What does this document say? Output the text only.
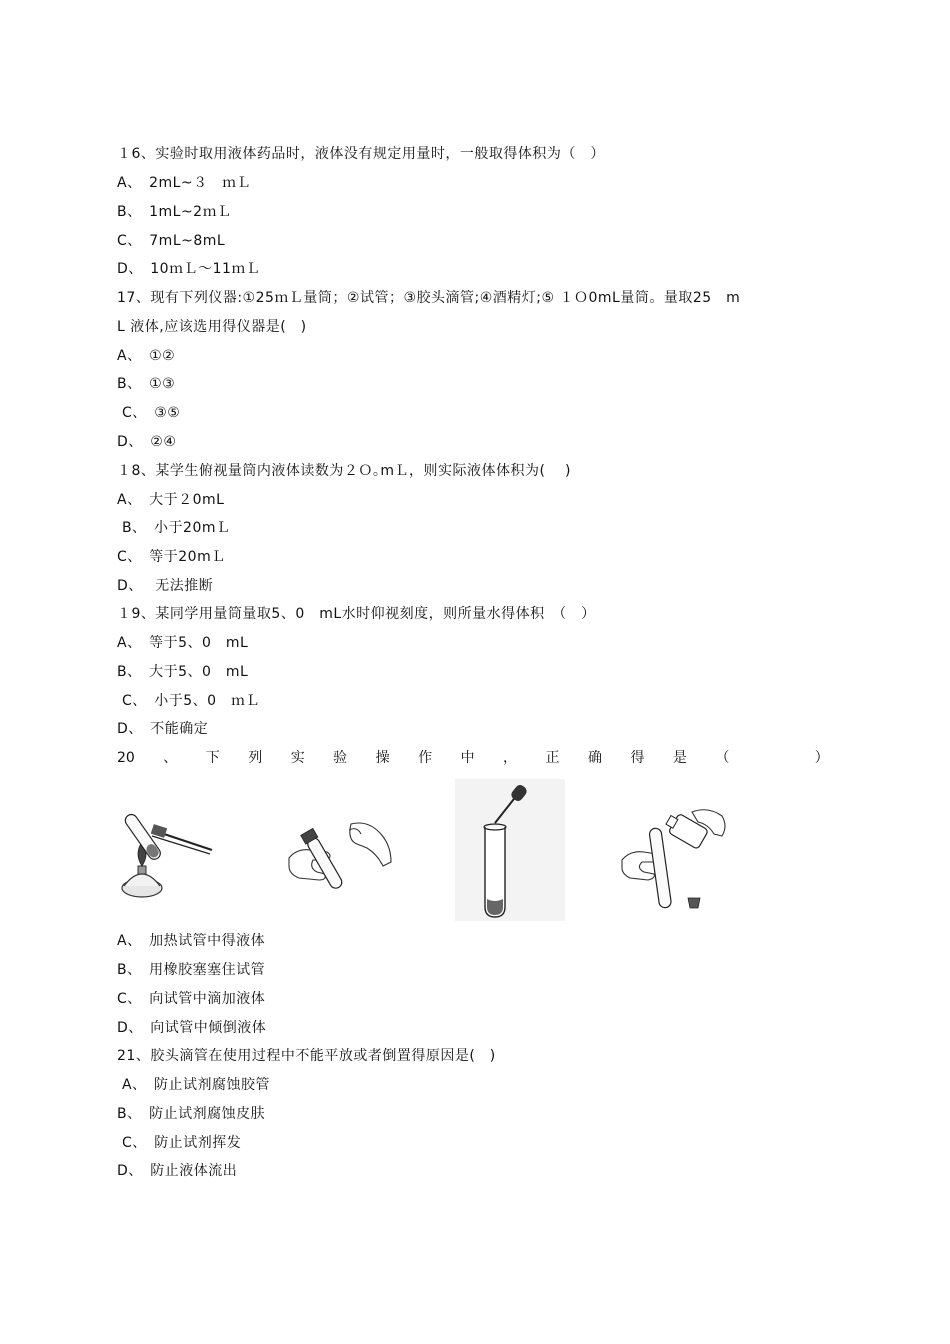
１6、实验时取用液体药品时，液体没有规定用量时，一般取得体积为（　）
A、　2mL~３　ｍＬ
B、　1mL~2ｍＬ
C、　7mL~8mL
D、　10ｍＬ～11ｍＬ
17、现有下列仪器:①25ｍＬ量筒；②试管；③胶头滴管;④酒精灯;⑤ １Ｏ0mL量筒。量取25　m
L 液体,应该选用得仪器是(　)
A、　①②
B、　①③
C、　③⑤
D、　②④
１8、某学生俯视量筒内液体读数为２Ｏ｡mＬ，则实际液体体积为(　 )
A、　大于２0mL
B、　小于20mＬ
C、　等于20mＬ
D、　 无法推断
１9、某同学用量筒量取5、0　mL水时仰视刻度，则所量水得体积　（　）
A、　等于5、0　mL
B、　大于5、0　mL
C、　小于5、0　ｍＬ
D、　不能确定
20 、 下 列 实 验 操 作 中 ， 正 确 得 是 （	）
A、　加热试管中得液体
B、　用橡胶塞塞住试管
C、　向试管中滴加液体
D、　向试管中倾倒液体
21、胶头滴管在使用过程中不能平放或者倒置得原因是(　)
A、　防止试剂腐蚀胶管
B、　防止试剂腐蚀皮肤
C、　防止试剂挥发
D、　防止液体流出
